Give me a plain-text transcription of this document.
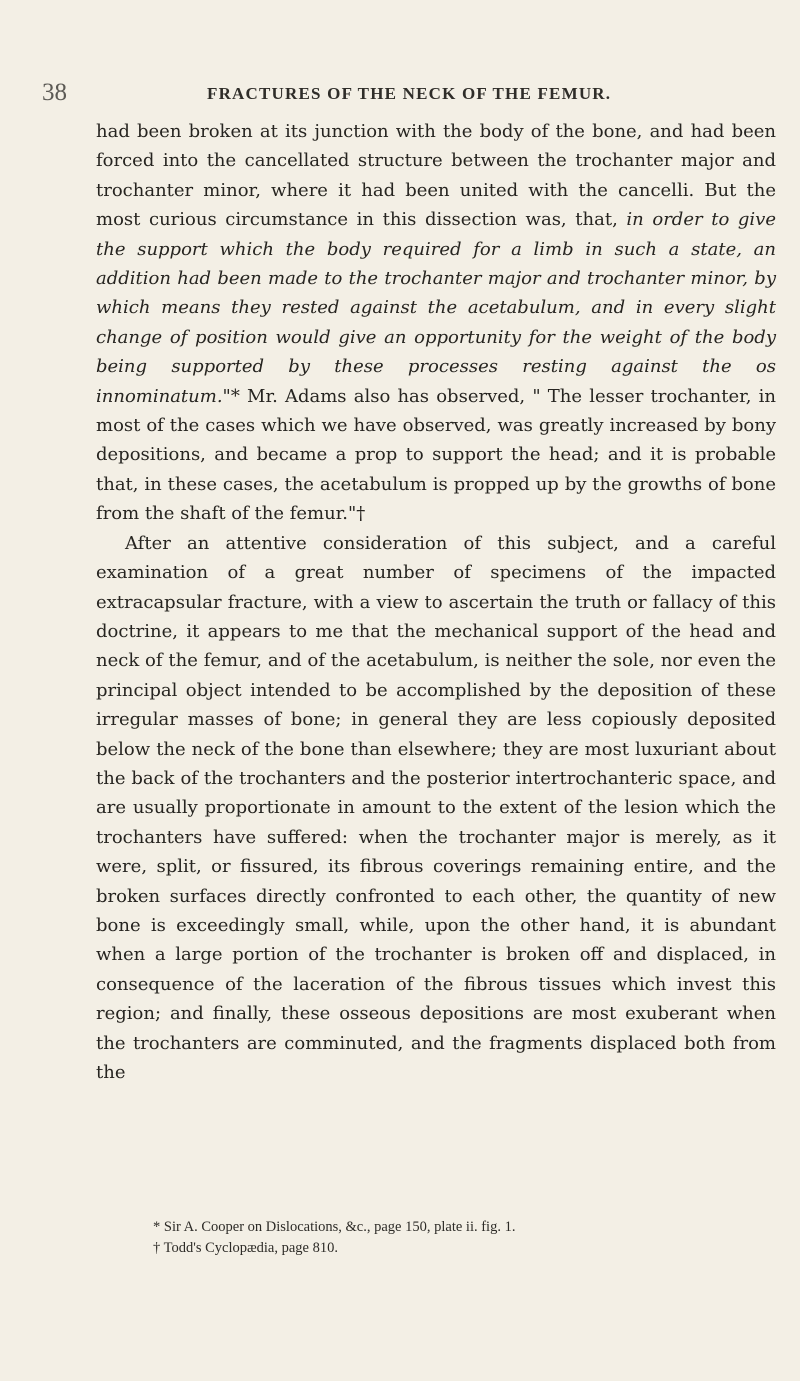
38	FRACTURES OF THE NECK OF THE FEMUR.

had been broken at its junction with the body of the bone, and had been forced into the cancellated structure between the trochanter major and trochanter minor, where it had been united with the cancelli. But the most curious circumstance in this dissection was, that, in order to give the support which the body required for a limb in such a state, an addition had been made to the trochanter major and trochanter minor, by which means they rested against the acetabulum, and in every slight change of position would give an opportunity for the weight of the body being supported by these processes resting against the os innominatum."* Mr. Adams also has observed, " The lesser trochanter, in most of the cases which we have observed, was greatly increased by bony depositions, and became a prop to support the head; and it is probable that, in these cases, the acetabulum is propped up by the growths of bone from the shaft of the femur."†

After an attentive consideration of this subject, and a careful examination of a great number of specimens of the impacted extracapsular fracture, with a view to ascertain the truth or fallacy of this doctrine, it appears to me that the mechanical support of the head and neck of the femur, and of the acetabulum, is neither the sole, nor even the principal object intended to be accomplished by the deposition of these irregular masses of bone; in general they are less copiously deposited below the neck of the bone than elsewhere; they are most luxuriant about the back of the trochanters and the posterior intertrochanteric space, and are usually proportionate in amount to the extent of the lesion which the trochanters have suffered: when the trochanter major is merely, as it were, split, or fissured, its fibrous coverings remaining entire, and the broken surfaces directly confronted to each other, the quantity of new bone is exceedingly small, while, upon the other hand, it is abundant when a large portion of the trochanter is broken off and displaced, in consequence of the laceration of the fibrous tissues which invest this region; and finally, these osseous depositions are most exuberant when the trochanters are comminuted, and the fragments displaced both from the

* Sir A. Cooper on Dislocations, &c., page 150, plate ii. fig. 1.
† Todd's Cyclopædia, page 810.
